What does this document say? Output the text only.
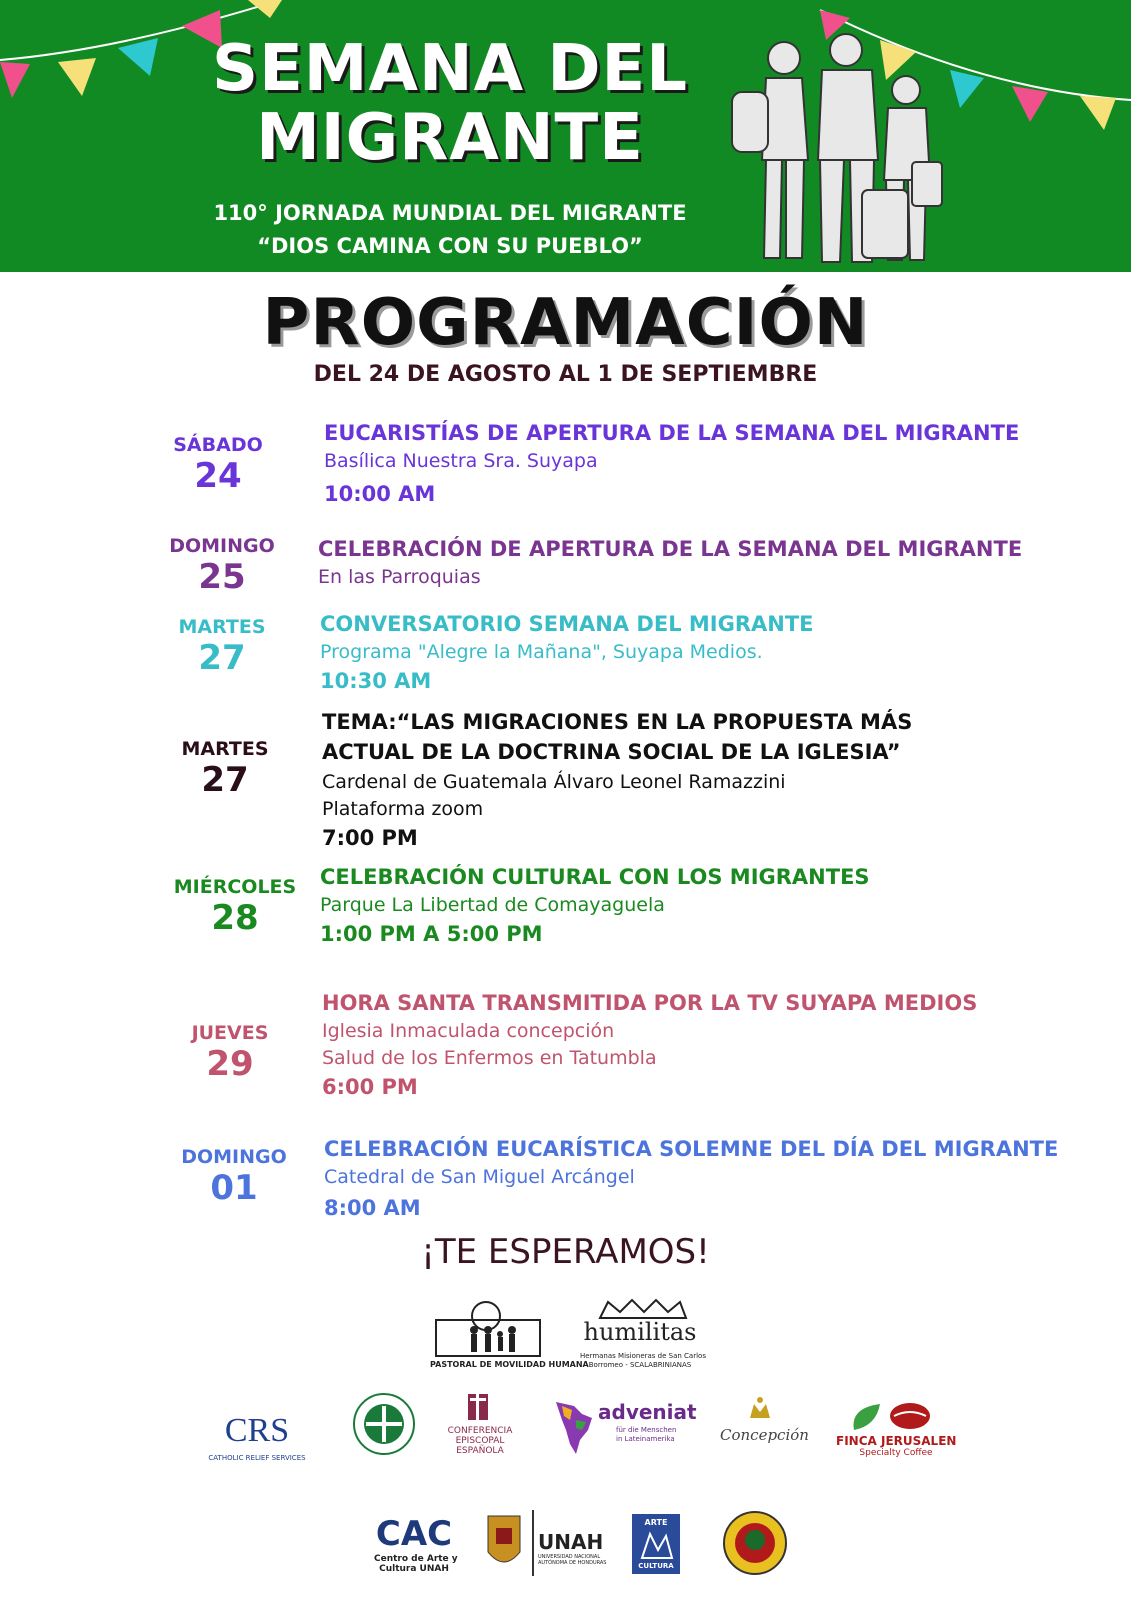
SEMANA DEL
MIGRANTE
110° JORNADA MUNDIAL DEL MIGRANTE
“DIOS CAMINA CON SU PUEBLO”
PROGRAMACIÓN
DEL 24 DE AGOSTO AL 1 DE SEPTIEMBRE
SÁBADO
24
EUCARISTÍAS DE APERTURA DE LA SEMANA DEL MIGRANTE
Basílica Nuestra Sra. Suyapa
10:00 AM
DOMINGO
25
CELEBRACIÓN DE APERTURA DE LA SEMANA DEL MIGRANTE
En las Parroquias
MARTES
27
CONVERSATORIO SEMANA DEL MIGRANTE
Programa "Alegre la Mañana", Suyapa Medios.
10:30 AM
MARTES
27
TEMA:“LAS MIGRACIONES EN LA PROPUESTA MÁS
ACTUAL DE LA DOCTRINA SOCIAL DE LA IGLESIA”
Cardenal de Guatemala Álvaro Leonel Ramazzini
Plataforma zoom
7:00 PM
MIÉRCOLES
28
CELEBRACIÓN CULTURAL CON LOS MIGRANTES
Parque La Libertad de Comayaguela
1:00 PM A 5:00 PM
JUEVES
29
HORA SANTA TRANSMITIDA POR LA TV SUYAPA MEDIOS
Iglesia Inmaculada concepción
Salud de los Enfermos en Tatumbla
6:00 PM
DOMINGO
01
CELEBRACIÓN EUCARÍSTICA SOLEMNE DEL DÍA DEL MIGRANTE
Catedral de San Miguel Arcángel
8:00 AM
¡TE ESPERAMOS!
PASTORAL DE MOVILIDAD HUMANA
humilitas
Hermanas Misioneras de San Carlos
Borromeo - SCALABRINIANAS
CRS
CATHOLIC RELIEF SERVICES
CONFERENCIA
EPISCOPAL
ESPAÑOLA
adveniat
für die Menschen
in Lateinamerika	Concepción FINCA JERUSALEN
Specialty Coffee
CAC
Centro de Arte y
Cultura UNAH
UNAH
UNIVERSIDAD NACIONAL
AUTÓNOMA DE HONDURAS
ARTE
CULTURA
